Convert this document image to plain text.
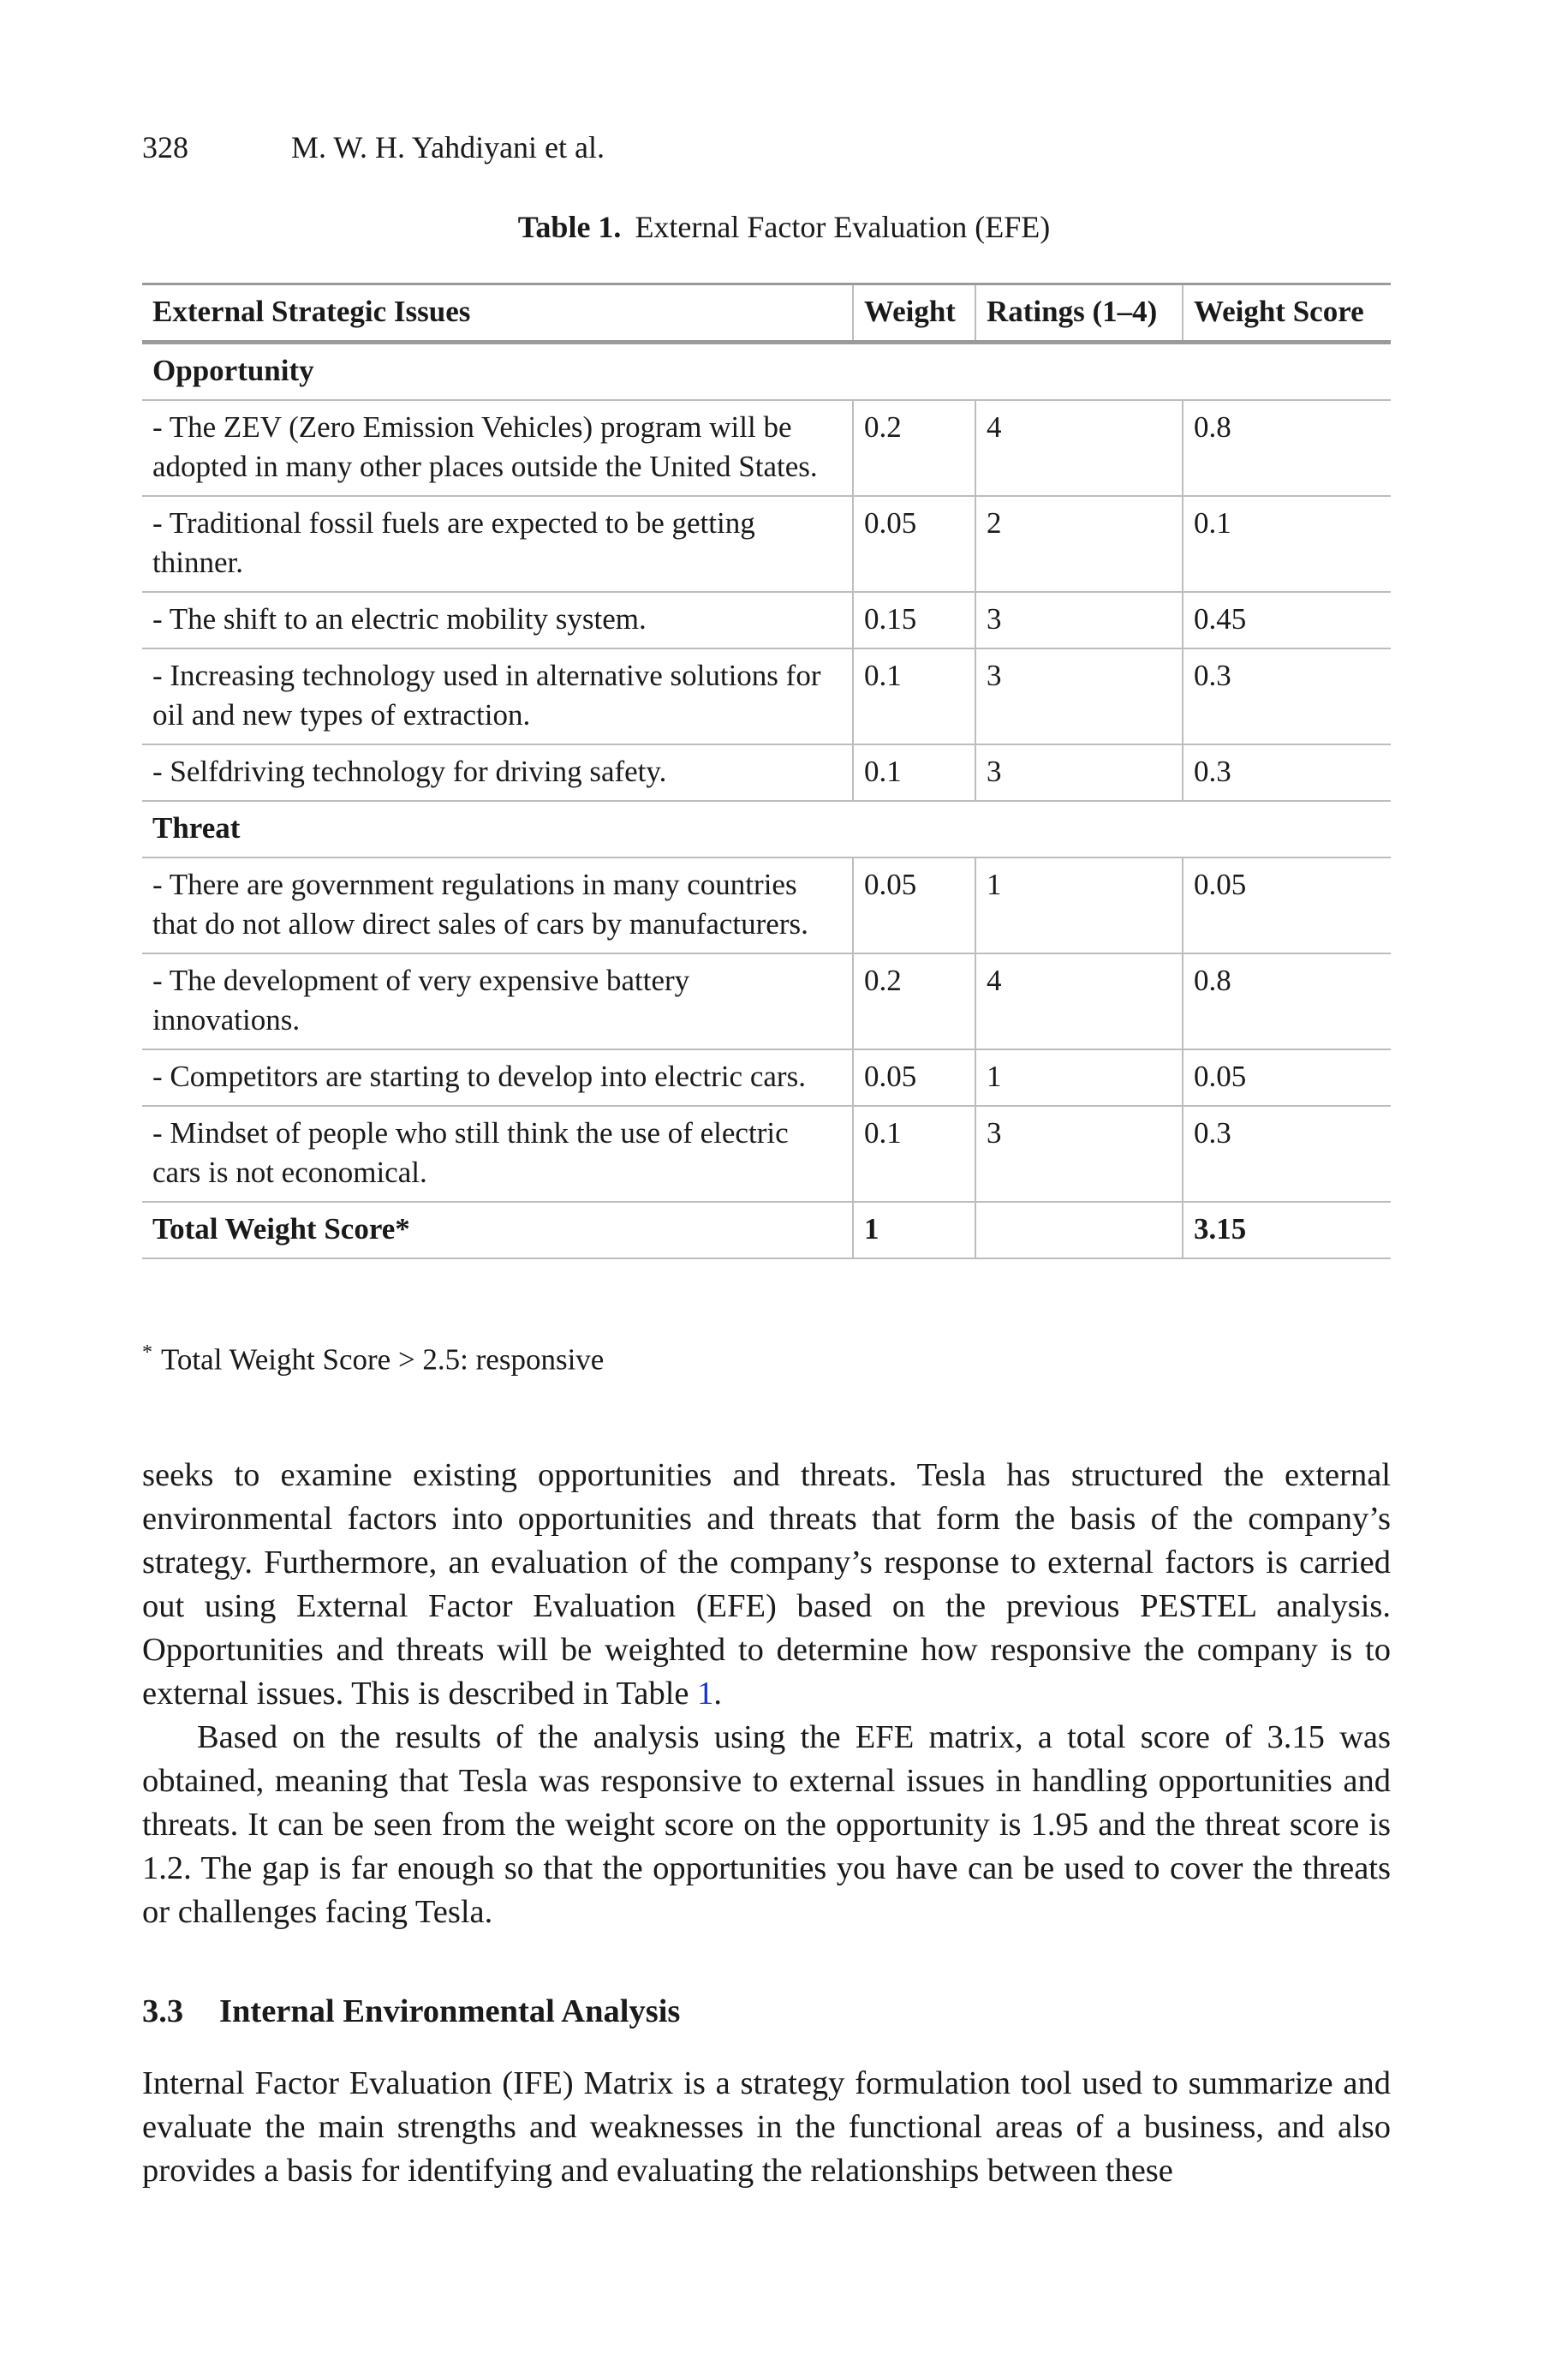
328	M. W. H. Yahdiyani et al.
Table 1. External Factor Evaluation (EFE)
External Strategic Issues	Weight	Ratings (1–4)	Weight Score
Opportunity			
- The ZEV (Zero Emission Vehicles) program will be adopted in many other places outside the United States.	0.2	4	0.8
- Traditional fossil fuels are expected to be getting thinner.	0.05	2	0.1
- The shift to an electric mobility system.	0.15	3	0.45
- Increasing technology used in alternative solutions for oil and new types of extraction.	0.1	3	0.3
- Selfdriving technology for driving safety.	0.1	3	0.3
Threat			
- There are government regulations in many countries that do not allow direct sales of cars by manufacturers.	0.05	1	0.05
- The development of very expensive battery innovations.	0.2	4	0.8
- Competitors are starting to develop into electric cars.	0.05	1	0.05
- Mindset of people who still think the use of electric cars is not economical.	0.1	3	0.3
Total Weight Score*	1		3.15
* Total Weight Score > 2.5: responsive

seeks to examine existing opportunities and threats. Tesla has structured the external environmental factors into opportunities and threats that form the basis of the company’s strategy. Furthermore, an evaluation of the company’s response to external factors is carried out using External Factor Evaluation (EFE) based on the previous PESTEL analysis. Opportunities and threats will be weighted to determine how responsive the company is to external issues. This is described in Table 1.

Based on the results of the analysis using the EFE matrix, a total score of 3.15 was obtained, meaning that Tesla was responsive to external issues in handling opportunities and threats. It can be seen from the weight score on the opportunity is 1.95 and the threat score is 1.2. The gap is far enough so that the opportunities you have can be used to cover the threats or challenges facing Tesla.

3.3 Internal Environmental Analysis

Internal Factor Evaluation (IFE) Matrix is a strategy formulation tool used to summarize and evaluate the main strengths and weaknesses in the functional areas of a business, and also provides a basis for identifying and evaluating the relationships between these
